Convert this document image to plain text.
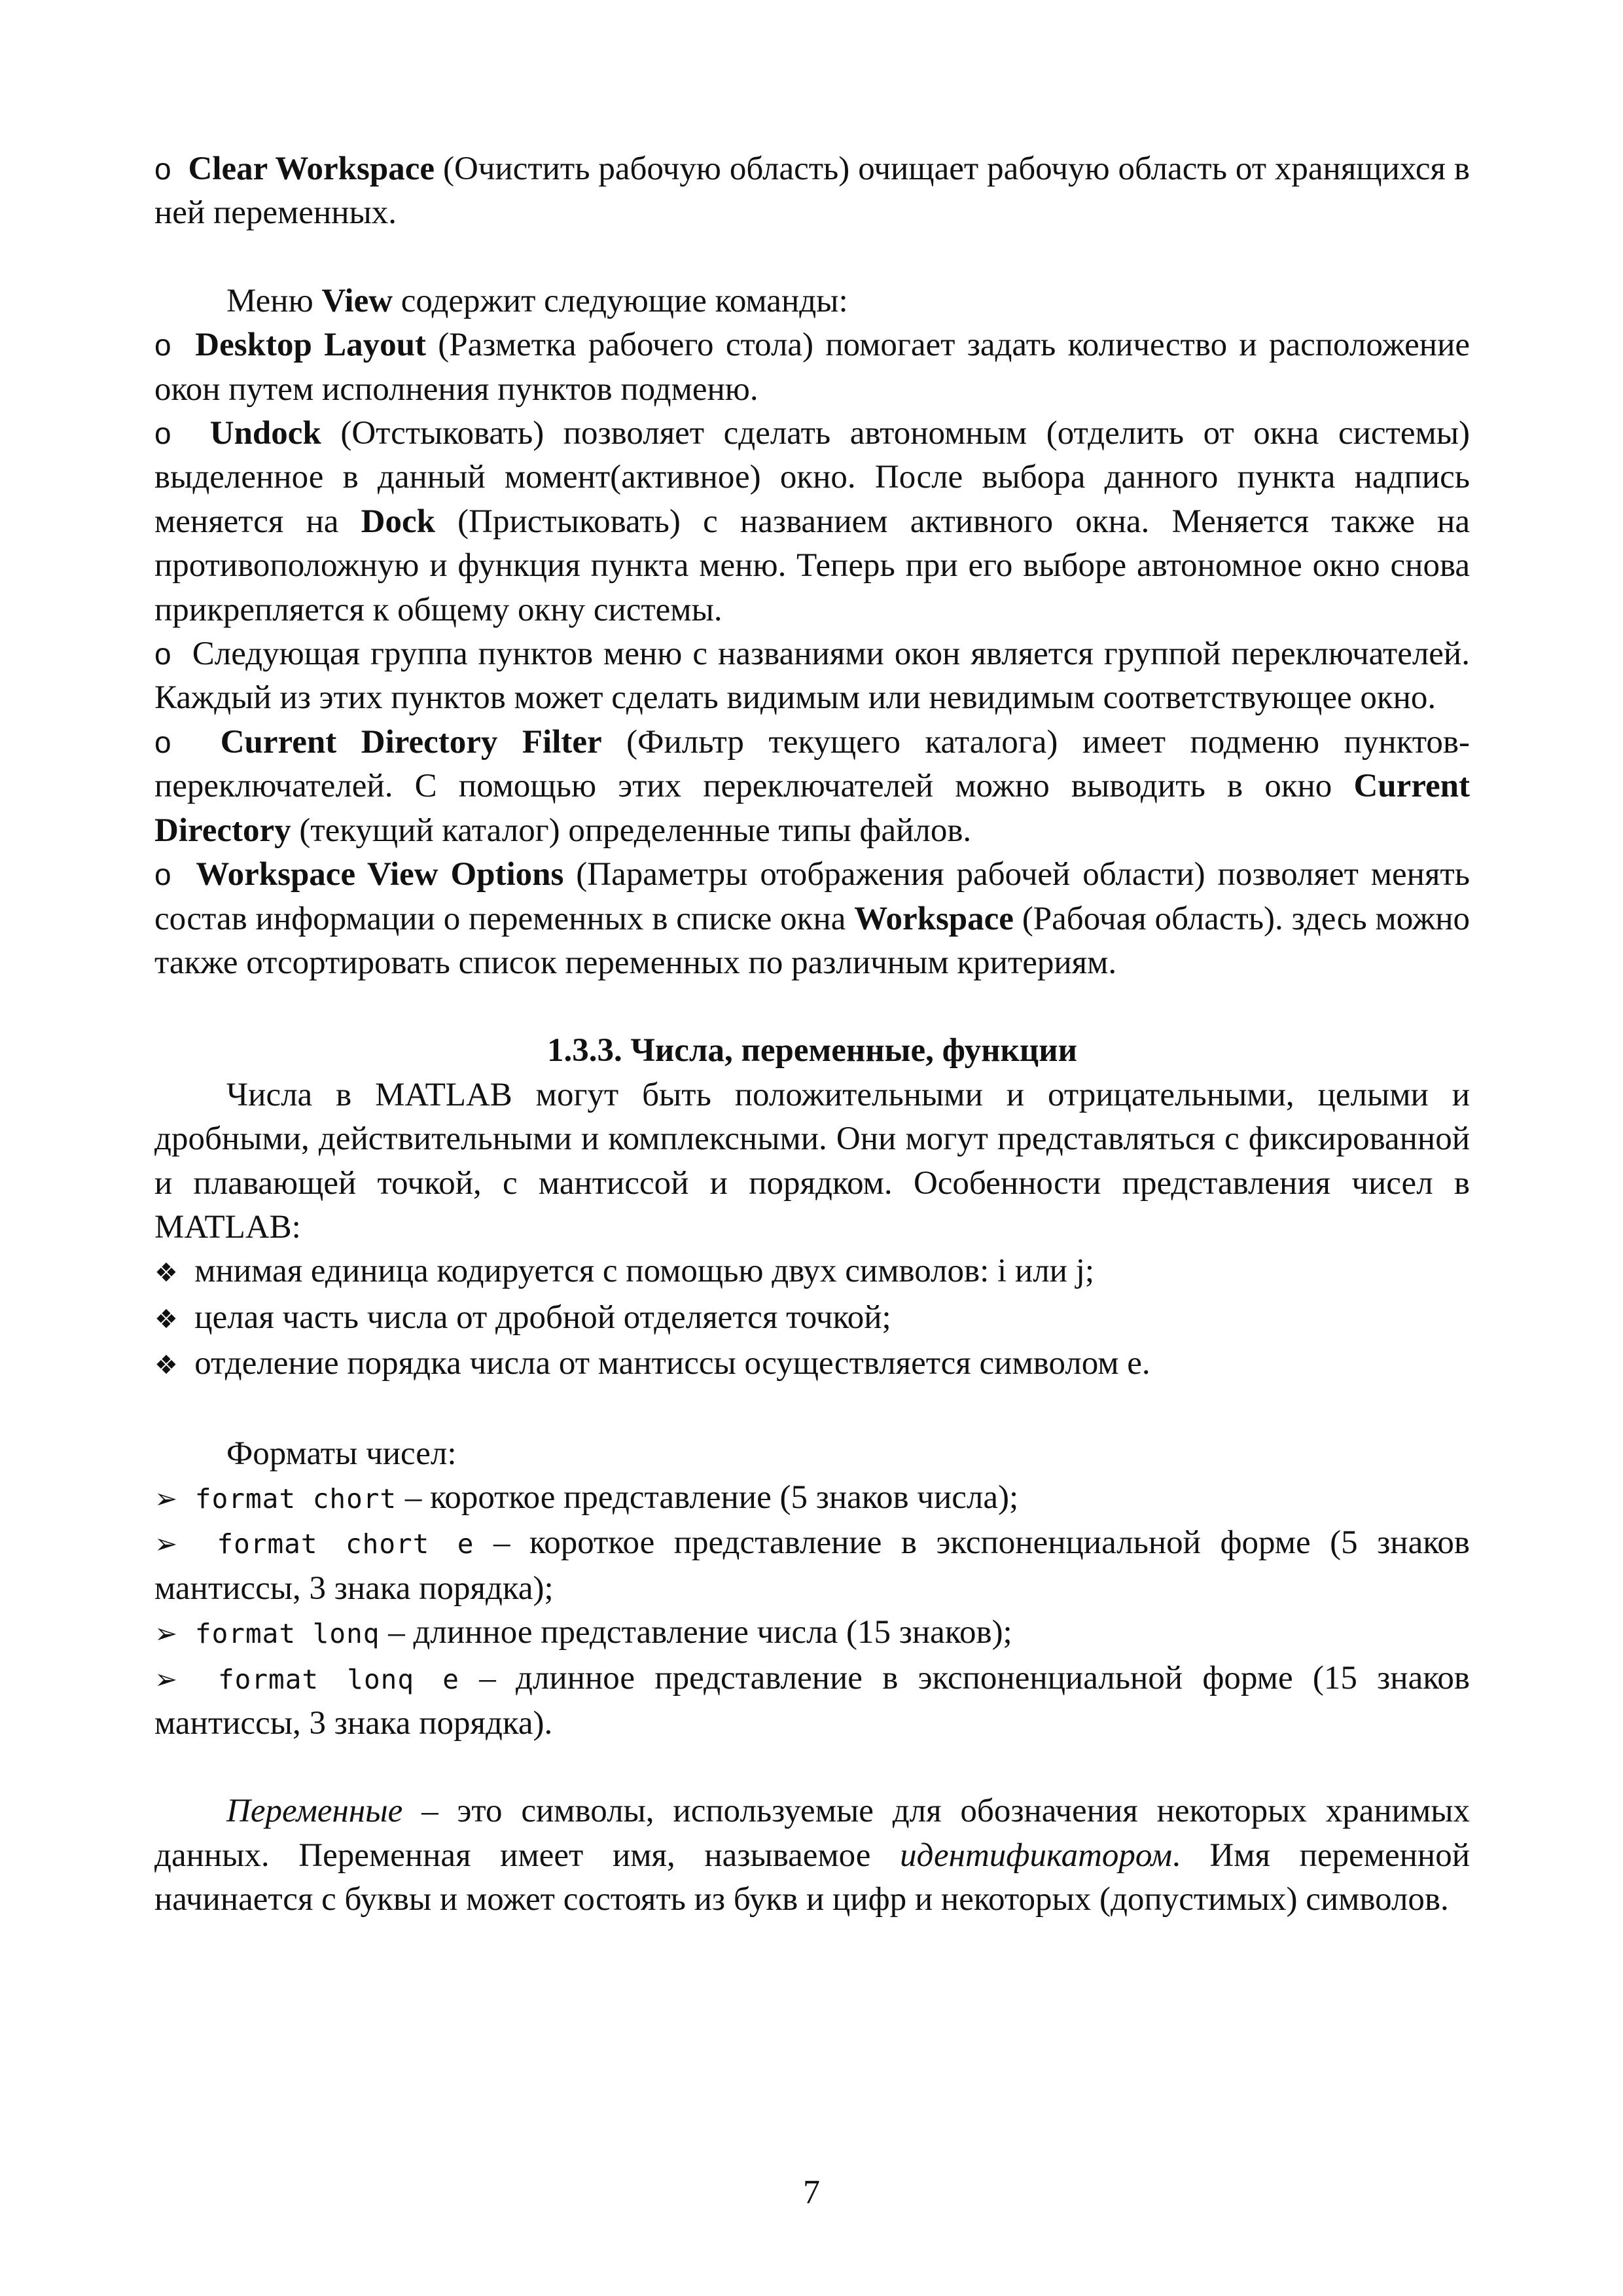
o  Clear Workspace (Очистить рабочую область) очищает рабочую область от хранящихся в ней переменных.

Меню View содержит следующие команды:

o  Desktop Layout (Разметка рабочего стола) помогает задать количество и расположение окон путем исполнения пунктов подменю.

o  Undock (Отстыковать) позволяет сделать автономным (отделить от окна системы) выделенное в данный момент(активное) окно. После выбора данного пункта надпись меняется на Dock (Пристыковать) с названием активного окна. Меняется также на противоположную и функция пункта меню. Теперь при его выборе автономное окно снова прикрепляется к общему окну системы.

o  Следующая группа пунктов меню с названиями окон является группой переключателей. Каждый из этих пунктов может сделать видимым или невидимым соответствующее окно.

o  Current Directory Filter (Фильтр текущего каталога) имеет подменю пунктов-переключателей. С помощью этих переключателей можно выводить в окно Current Directory (текущий каталог) определенные типы файлов.

o  Workspace View Options (Параметры отображения рабочей области) позволяет менять состав информации о переменных в списке окна Workspace (Рабочая область). здесь можно также отсортировать список переменных по различным критериям.

1.3.3. Числа, переменные, функции

Числа в MATLAB могут быть положительными и отрицательными, целыми и дробными, действительными и комплексными. Они могут представляться с фиксированной и плавающей точкой, с мантиссой и порядком. Особенности представления чисел в MATLAB:

❖  мнимая единица кодируется с помощью двух символов: i или j;

❖  целая часть числа от дробной отделяется точкой;

❖  отделение порядка числа от мантиссы осуществляется символом e.

Форматы чисел:

➢  format chort – короткое представление (5 знаков числа);

➢  format chort e – короткое представление в экспоненциальной форме (5 знаков мантиссы, 3 знака порядка);

➢  format lonq – длинное представление числа (15 знаков);

➢  format lonq e – длинное представление в экспоненциальной форме (15 знаков мантиссы, 3 знака порядка).

Переменные – это символы, используемые для обозначения некоторых хранимых данных. Переменная имеет имя, называемое идентификатором. Имя переменной начинается с буквы и может состоять из букв и цифр и некоторых (допустимых) символов.

7
